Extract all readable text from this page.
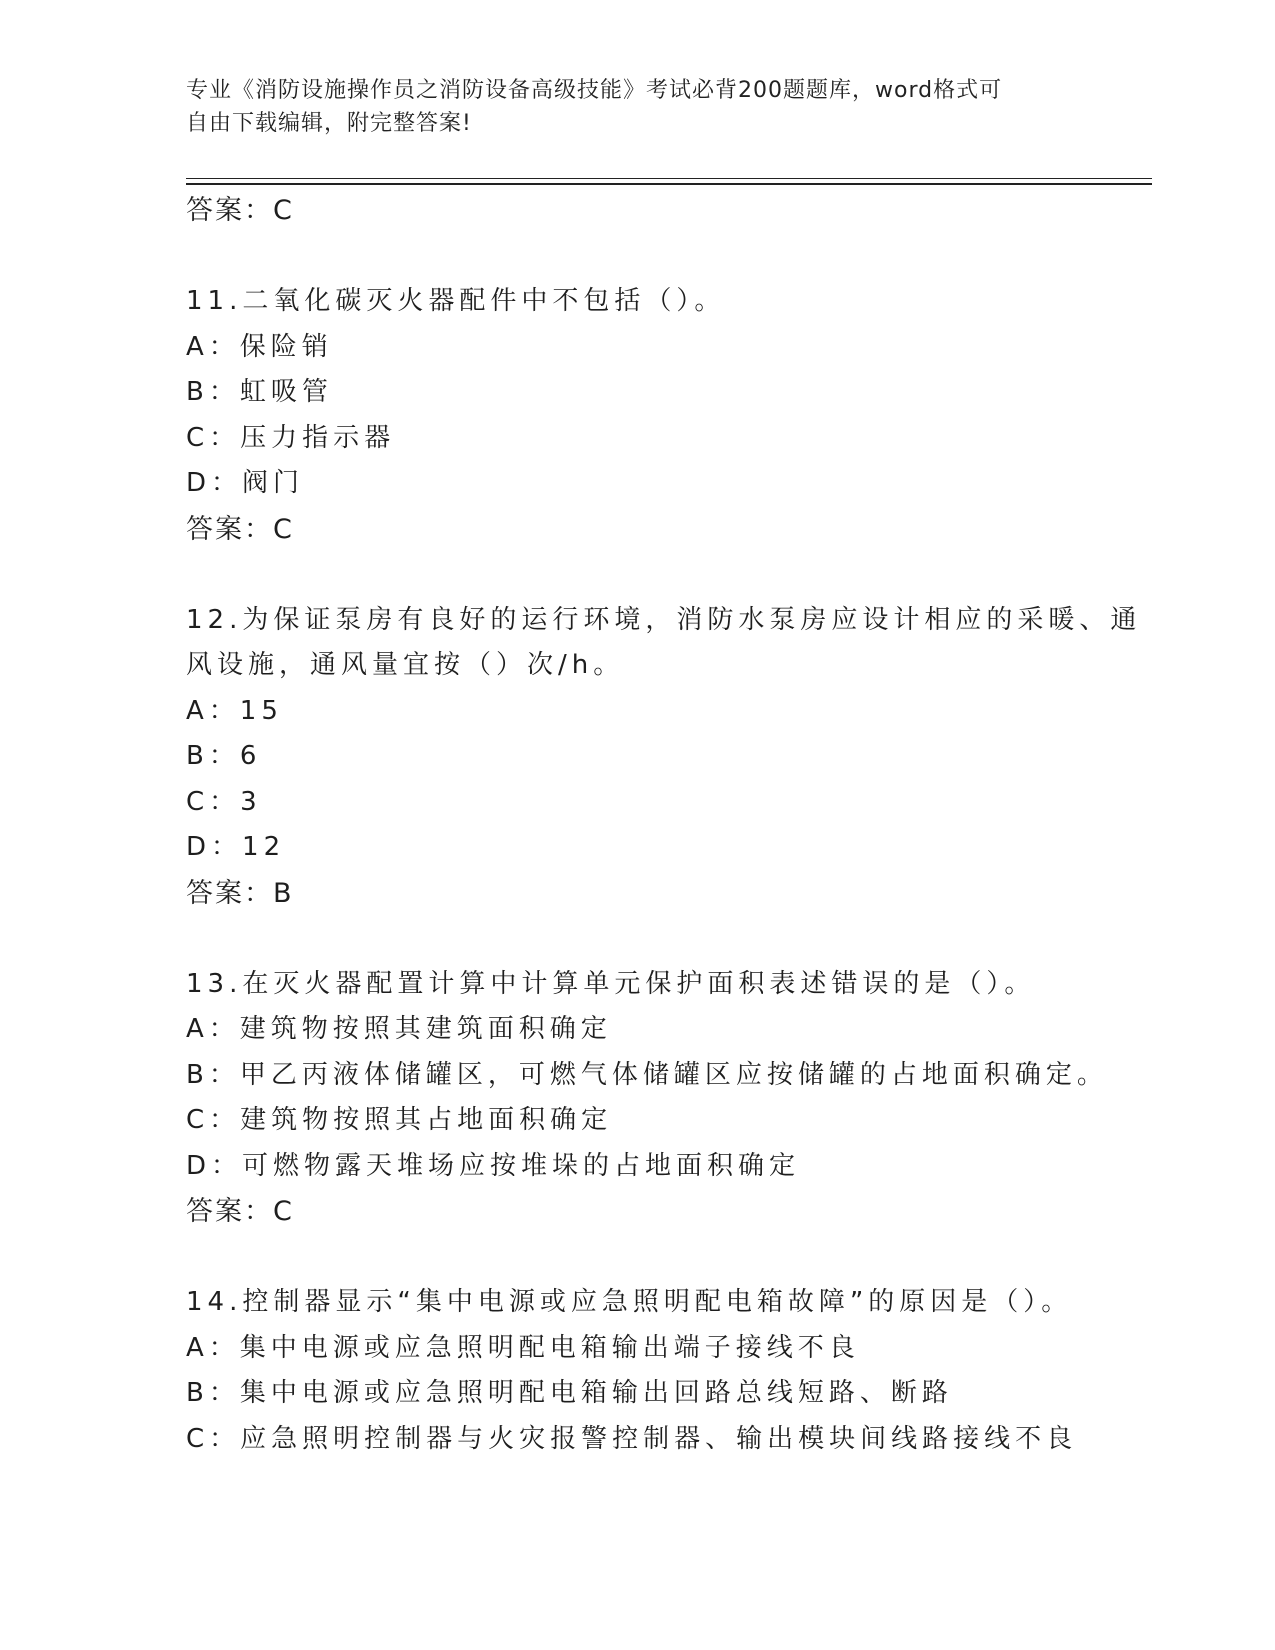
专业《消防设施操作员之消防设备高级技能》考试必背200题题库，word格式可
自由下载编辑，附完整答案!
答案：C
11.二氧化碳灭火器配件中不包括（）。
A：保险销
B：虹吸管
C：压力指示器
D：阀门
答案：C
12.为保证泵房有良好的运行环境，消防水泵房应设计相应的采暖、通
风设施，通风量宜按（）次/h。
A：15
B：6
C：3
D：12
答案：B
13.在灭火器配置计算中计算单元保护面积表述错误的是（）。
A：建筑物按照其建筑面积确定
B：甲乙丙液体储罐区，可燃气体储罐区应按储罐的占地面积确定。
C：建筑物按照其占地面积确定
D：可燃物露天堆场应按堆垛的占地面积确定
答案：C
14.控制器显示“集中电源或应急照明配电箱故障”的原因是（）。
A：集中电源或应急照明配电箱输出端子接线不良
B：集中电源或应急照明配电箱输出回路总线短路、断路
C：应急照明控制器与火灾报警控制器、输出模块间线路接线不良
